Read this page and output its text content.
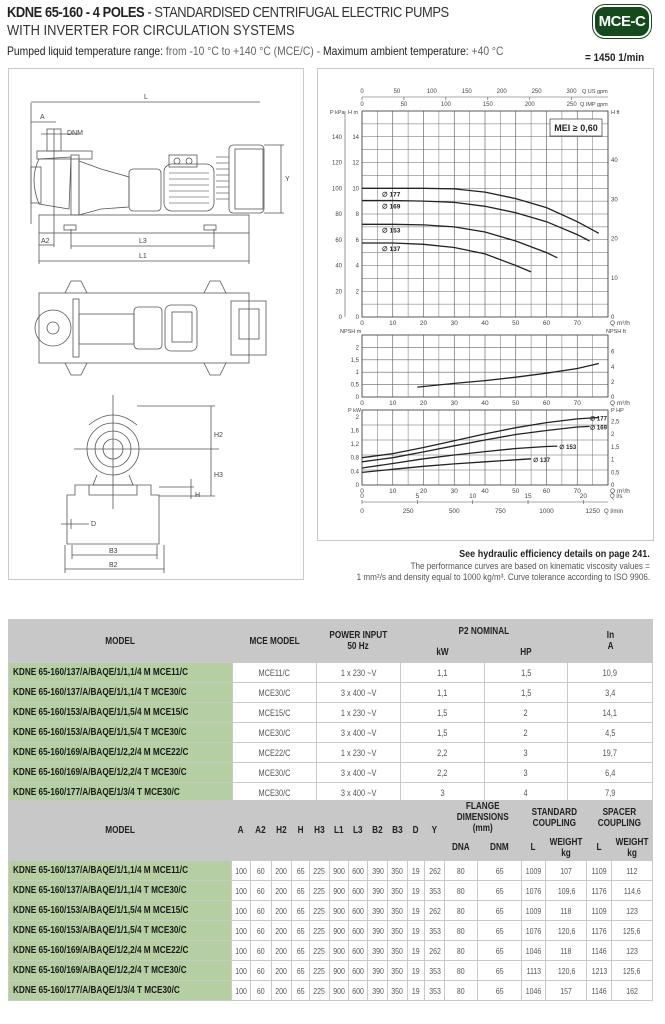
KDNE 65-160 - 4 POLES - STANDARDISED CENTRIFUGAL ELECTRIC PUMPS
WITH INVERTER FOR CIRCULATION SYSTEMS
Pumped liquid temperature range: from -10 °C to +140 °C (MCE/C) - Maximum ambient temperature: +40 °C
MCE-C
= 1450 1/min
L
A
DNM
Y
A2	L3
L1
H2
H3
H
D
B3
B2
0	50	100	150	200	250	300 Q US gpm
0	50	100	150	200	250 Q IMP gpm
0	10	20	30	40	50	60	70	Q m³/h
0
2
4
6
8
10
12
14
0
20
40
60
80
100
120
140
P kPa H m
0
10
20
30
40
H ft
∅ 177
∅ 169
∅ 153
∅ 137
MEI ≥ 0,60
0	10	20	30	40	50	60	70	Q m³/h
0
0,5
1
1,5
2
0
2
4
6
NPSH m	NPSH ft
0	10	20	30	40	50	60	70	Q m³/h
0
0,4
0,8
1,2
1,6
2
0
0,5
1
1,5
2
2,5
P kW	P HP
∅ 177
∅ 169
∅ 153
∅ 137
0	5	10	15	20	Q l/s
0	250	500	750	1000	1250 Q l/min
See hydraulic efficiency details on page 241.
The performance curves are based on kinematic viscosity values =
1 mm²/s and density equal to 1000 kg/m³. Curve tolerance according to ISO 9906.
MODEL	MCE MODEL	POWER INPUT
50 Hz	P2 NOMINAL		In
A
			kW	HP	
KDNE 65-160/137/A/BAQE/1/1,1/4 M MCE11/C	MCE11/C	1 x 230 ~V	1,1	1,5	10,9
KDNE 65-160/137/A/BAQE/1/1,1/4 T MCE30/C	MCE30/C	3 x 400 ~V	1,1	1,5	3,4
KDNE 65-160/153/A/BAQE/1/1,5/4 M MCE15/C	MCE15/C	1 x 230 ~V	1,5	2	14,1
KDNE 65-160/153/A/BAQE/1/1,5/4 T MCE30/C	MCE30/C	3 x 400 ~V	1,5	2	4,5
KDNE 65-160/169/A/BAQE/1/2,2/4 M MCE22/C	MCE22/C	1 x 230 ~V	2,2	3	19,7
KDNE 65-160/169/A/BAQE/1/2,2/4 T MCE30/C	MCE30/C	3 x 400 ~V	2,2	3	6,4
KDNE 65-160/177/A/BAQE/1/3/4 T MCE30/C	MCE30/C	3 x 400 ~V	3	4	7,9
MODEL	A	A2	H2	H	H3	L1	L3	B2	B3	D	Y	FLANGE DIMENSIONS (mm)		STANDARD COUPLING		SPACER COUPLING	
												DNA	DNM	L	WEIGHT kg	L	WEIGHT kg
KDNE 65-160/137/A/BAQE/1/1,1/4 M MCE11/C	100	60	200	65	225	900	600	390	350	19	262	80	65	1009	107	1109	112
KDNE 65-160/137/A/BAQE/1/1,1/4 T MCE30/C	100	60	200	65	225	900	600	390	350	19	353	80	65	1076	109,6	1176	114,6
KDNE 65-160/153/A/BAQE/1/1,5/4 M MCE15/C	100	60	200	65	225	900	600	390	350	19	262	80	65	1009	118	1109	123
KDNE 65-160/153/A/BAQE/1/1,5/4 T MCE30/C	100	60	200	65	225	900	600	390	350	19	353	80	65	1076	120,6	1176	125,6
KDNE 65-160/169/A/BAQE/1/2,2/4 M MCE22/C	100	60	200	65	225	900	600	390	350	19	262	80	65	1046	118	1146	123
KDNE 65-160/169/A/BAQE/1/2,2/4 T MCE30/C	100	60	200	65	225	900	600	390	350	19	353	80	65	1113	120,6	1213	125,6
KDNE 65-160/177/A/BAQE/1/3/4 T MCE30/C	100	60	200	65	225	900	600	390	350	19	353	80	65	1046	157	1146	162
